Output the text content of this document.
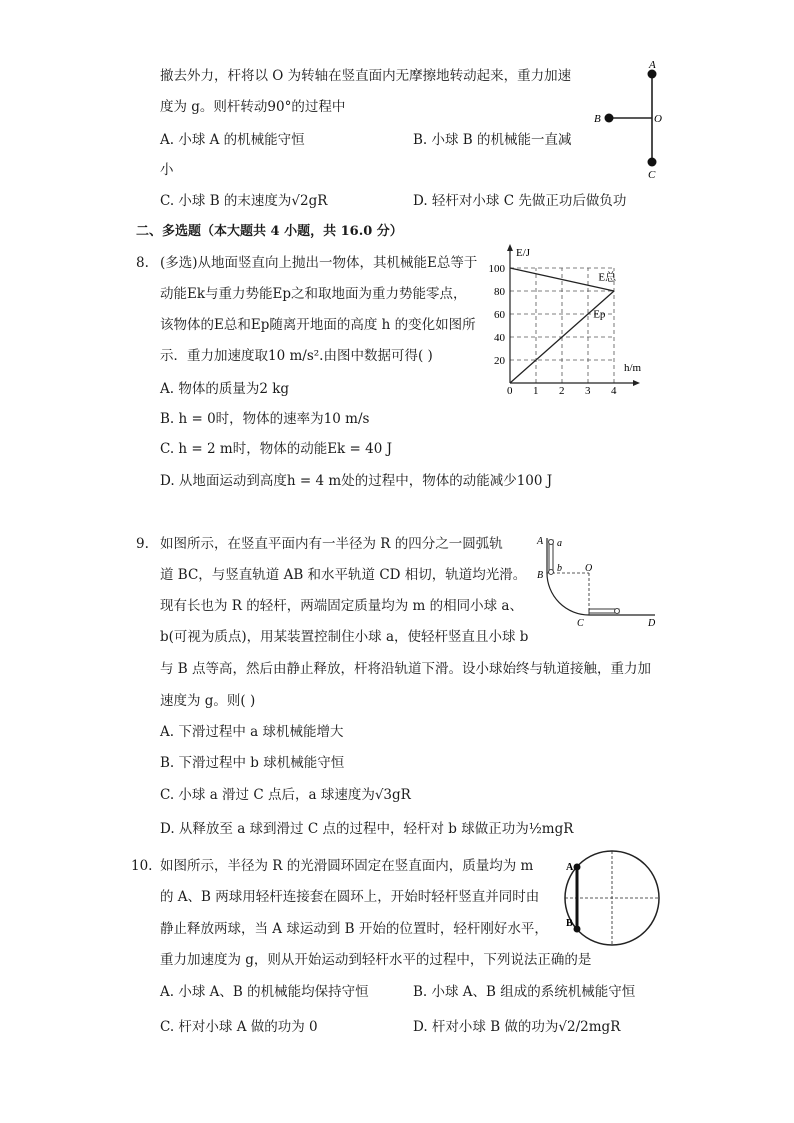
撤去外力，杆将以 O 为转轴在竖直面内无摩擦地转动起来，重力加速
度为 g。则杆转动90°的过程中
A. 小球 A 的机械能守恒	B. 小球 B 的机械能一直减
小
C. 小球 B 的末速度为√2gR	D. 轻杆对小球 C 先做正功后做负功
A
B	O
C
二、多选题（本大题共 4 小题，共 16.0 分）
8. (多选)从地面竖直向上抛出一物体，其机械能E总等于
动能Ek与重力势能Ep之和取地面为重力势能零点，
该物体的E总和Ep随离开地面的高度 h 的变化如图所
示．重力加速度取10 m/s².由图中数据可得( )
A. 物体的质量为2 kg
B. h = 0时，物体的速率为10 m/s
C. h = 2 m时，物体的动能Ek = 40 J
D. 从地面运动到高度h = 4 m处的过程中，物体的动能减少100 J
0 1 2 3 4
20
40
60
80
100
E总
Ep
E/J
h/m
9. 如图所示，在竖直平面内有一半径为 R 的四分之一圆弧轨
道 BC，与竖直轨道 AB 和水平轨道 CD 相切，轨道均光滑。
现有长也为 R 的轻杆，两端固定质量均为 m 的相同小球 a、
b(可视为质点)，用某装置控制住小球 a，使轻杆竖直且小球 b
与 B 点等高，然后由静止释放，杆将沿轨道下滑。设小球始终与轨道接触，重力加
速度为 g。则( )
A. 下滑过程中 a 球机械能增大
B. 下滑过程中 b 球机械能守恒
C. 小球 a 滑过 C 点后，a 球速度为√3gR
D. 从释放至 a 球到滑过 C 点的过程中，轻杆对 b 球做正功为½mgR
A a
B
b O
C	D
10. 如图所示，半径为 R 的光滑圆环固定在竖直面内，质量均为 m
的 A、B 两球用轻杆连接套在圆环上，开始时轻杆竖直并同时由
静止释放两球，当 A 球运动到 B 开始的位置时，轻杆刚好水平，
重力加速度为 g，则从开始运动到轻杆水平的过程中，下列说法正确的是
A. 小球 A、B 的机械能均保持守恒	B. 小球 A、B 组成的系统机械能守恒
C. 杆对小球 A 做的功为 0	D. 杆对小球 B 做的功为√2/2mgR
A
B
